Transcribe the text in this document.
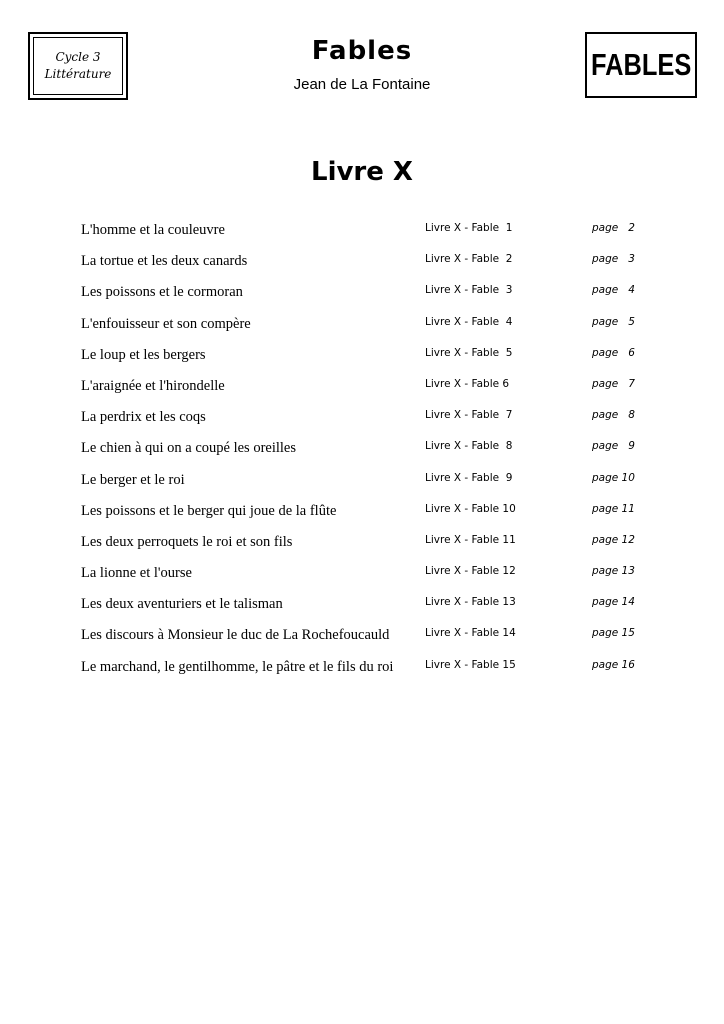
Cycle 3
Littérature
Fables
Jean de La Fontaine
FABLES
Livre X
L'homme et la couleuvre	Livre X - Fable  1	page   2
La tortue et les deux canards	Livre X - Fable  2	page   3
Les poissons et le cormoran	Livre X - Fable  3	page   4
L'enfouisseur et son compère	Livre X - Fable  4	page   5
Le loup et les bergers	Livre X - Fable  5	page   6
L'araignée et l'hirondelle	Livre X - Fable 6	page   7
La perdrix et les coqs	Livre X - Fable  7	page   8
Le chien à qui on a coupé les oreilles	Livre X - Fable  8	page   9
Le berger et le roi	Livre X - Fable  9	page 10
Les poissons et le berger qui joue de la flûte	Livre X - Fable 10	page 11
Les deux perroquets le roi et son fils	Livre X - Fable 11	page 12
La lionne et l'ourse	Livre X - Fable 12	page 13
Les deux aventuriers et le talisman	Livre X - Fable 13	page 14
Les discours à Monsieur le duc de La Rochefoucauld	Livre X - Fable 14	page 15
Le marchand, le gentilhomme, le pâtre et le fils du roi	Livre X - Fable 15	page 16
